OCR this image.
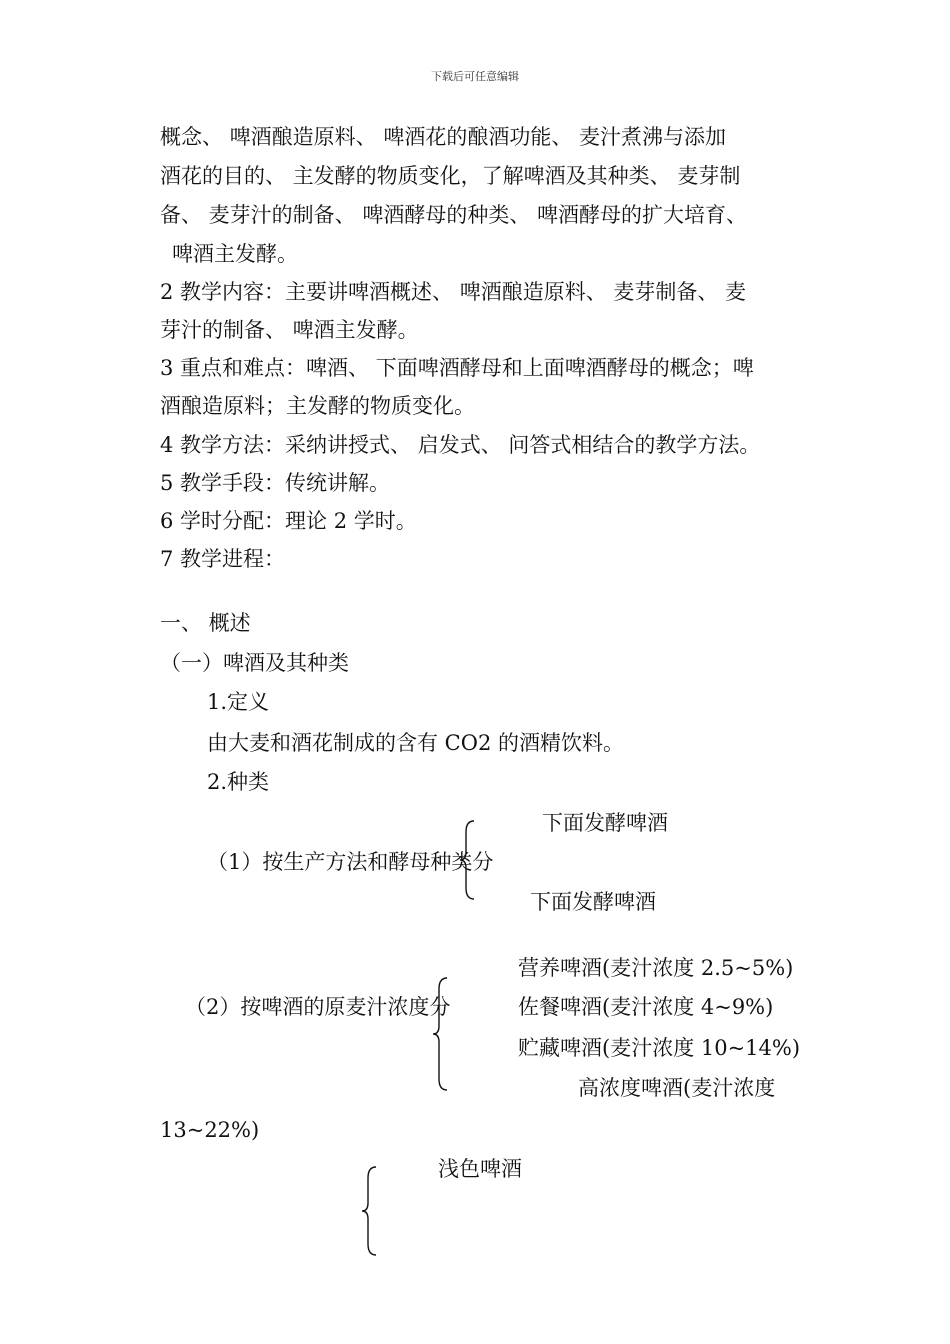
下载后可任意编辑
概念、 啤酒酿造原料、 啤酒花的酿酒功能、 麦汁煮沸与添加
酒花的目的、 主发酵的物质变化，了解啤酒及其种类、 麦芽制
备、 麦芽汁的制备、 啤酒酵母的种类、 啤酒酵母的扩大培育、
啤酒主发酵。
2 教学内容：主要讲啤酒概述、 啤酒酿造原料、 麦芽制备、 麦
芽汁的制备、 啤酒主发酵。
3 重点和难点：啤酒、 下面啤酒酵母和上面啤酒酵母的概念；啤
酒酿造原料；主发酵的物质变化。
4 教学方法：采纳讲授式、 启发式、 问答式相结合的教学方法。
5 教学手段：传统讲解。
6 学时分配：理论 2 学时。
7 教学进程：
一、 概述
（一）啤酒及其种类
1.定义
由大麦和酒花制成的含有 CO2 的酒精饮料。
2.种类
下面发酵啤酒
（1）按生产方法和酵母种类分
下面发酵啤酒
营养啤酒(麦汁浓度 2.5~5%)
（2）按啤酒的原麦汁浓度分	佐餐啤酒(麦汁浓度 4~9%)
贮藏啤酒(麦汁浓度 10~14%)
高浓度啤酒(麦汁浓度
13~22%)
浅色啤酒
